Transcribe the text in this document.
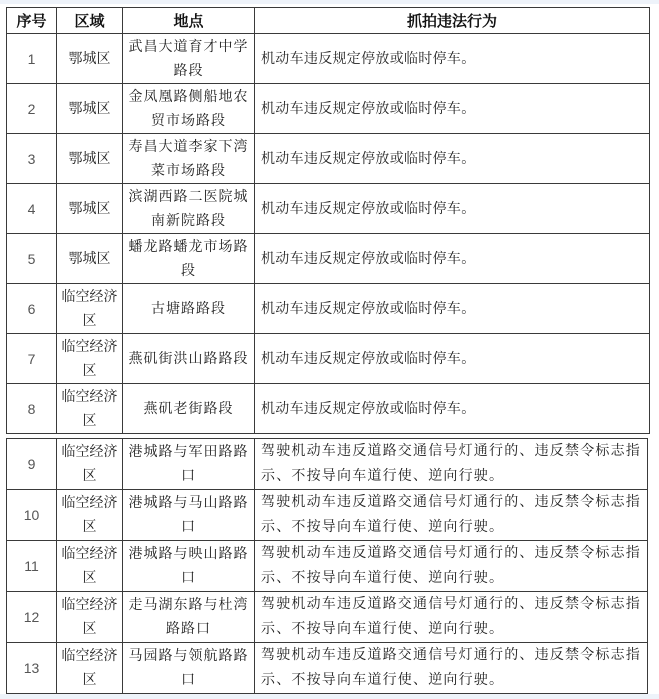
序号	区域	地点	抓拍违法行为
1	鄂城区	武昌大道育才中学路段	机动车违反规定停放或临时停车。
2	鄂城区	金凤凰路侧船地农贸市场路段	机动车违反规定停放或临时停车。
3	鄂城区	寿昌大道李家下湾菜市场路段	机动车违反规定停放或临时停车。
4	鄂城区	滨湖西路二医院城南新院路段	机动车违反规定停放或临时停车。
5	鄂城区	蟠龙路蟠龙市场路段	机动车违反规定停放或临时停车。
6	临空经济区	古塘路路段	机动车违反规定停放或临时停车。
7	临空经济区	燕矶街洪山路路段	机动车违反规定停放或临时停车。
8	临空经济区	燕矶老街路段	机动车违反规定停放或临时停车。
9	临空经济区	港城路与军田路路口	驾驶机动车违反道路交通信号灯通行的、违反禁令标志指示、不按导向车道行使、逆向行驶。
10	临空经济区	港城路与马山路路口	驾驶机动车违反道路交通信号灯通行的、违反禁令标志指示、不按导向车道行使、逆向行驶。
11	临空经济区	港城路与映山路路口	驾驶机动车违反道路交通信号灯通行的、违反禁令标志指示、不按导向车道行使、逆向行驶。
12	临空经济区	走马湖东路与杜湾路路口	驾驶机动车违反道路交通信号灯通行的、违反禁令标志指示、不按导向车道行使、逆向行驶。
13	临空经济区	马园路与领航路路口	驾驶机动车违反道路交通信号灯通行的、违反禁令标志指示、不按导向车道行使、逆向行驶。
